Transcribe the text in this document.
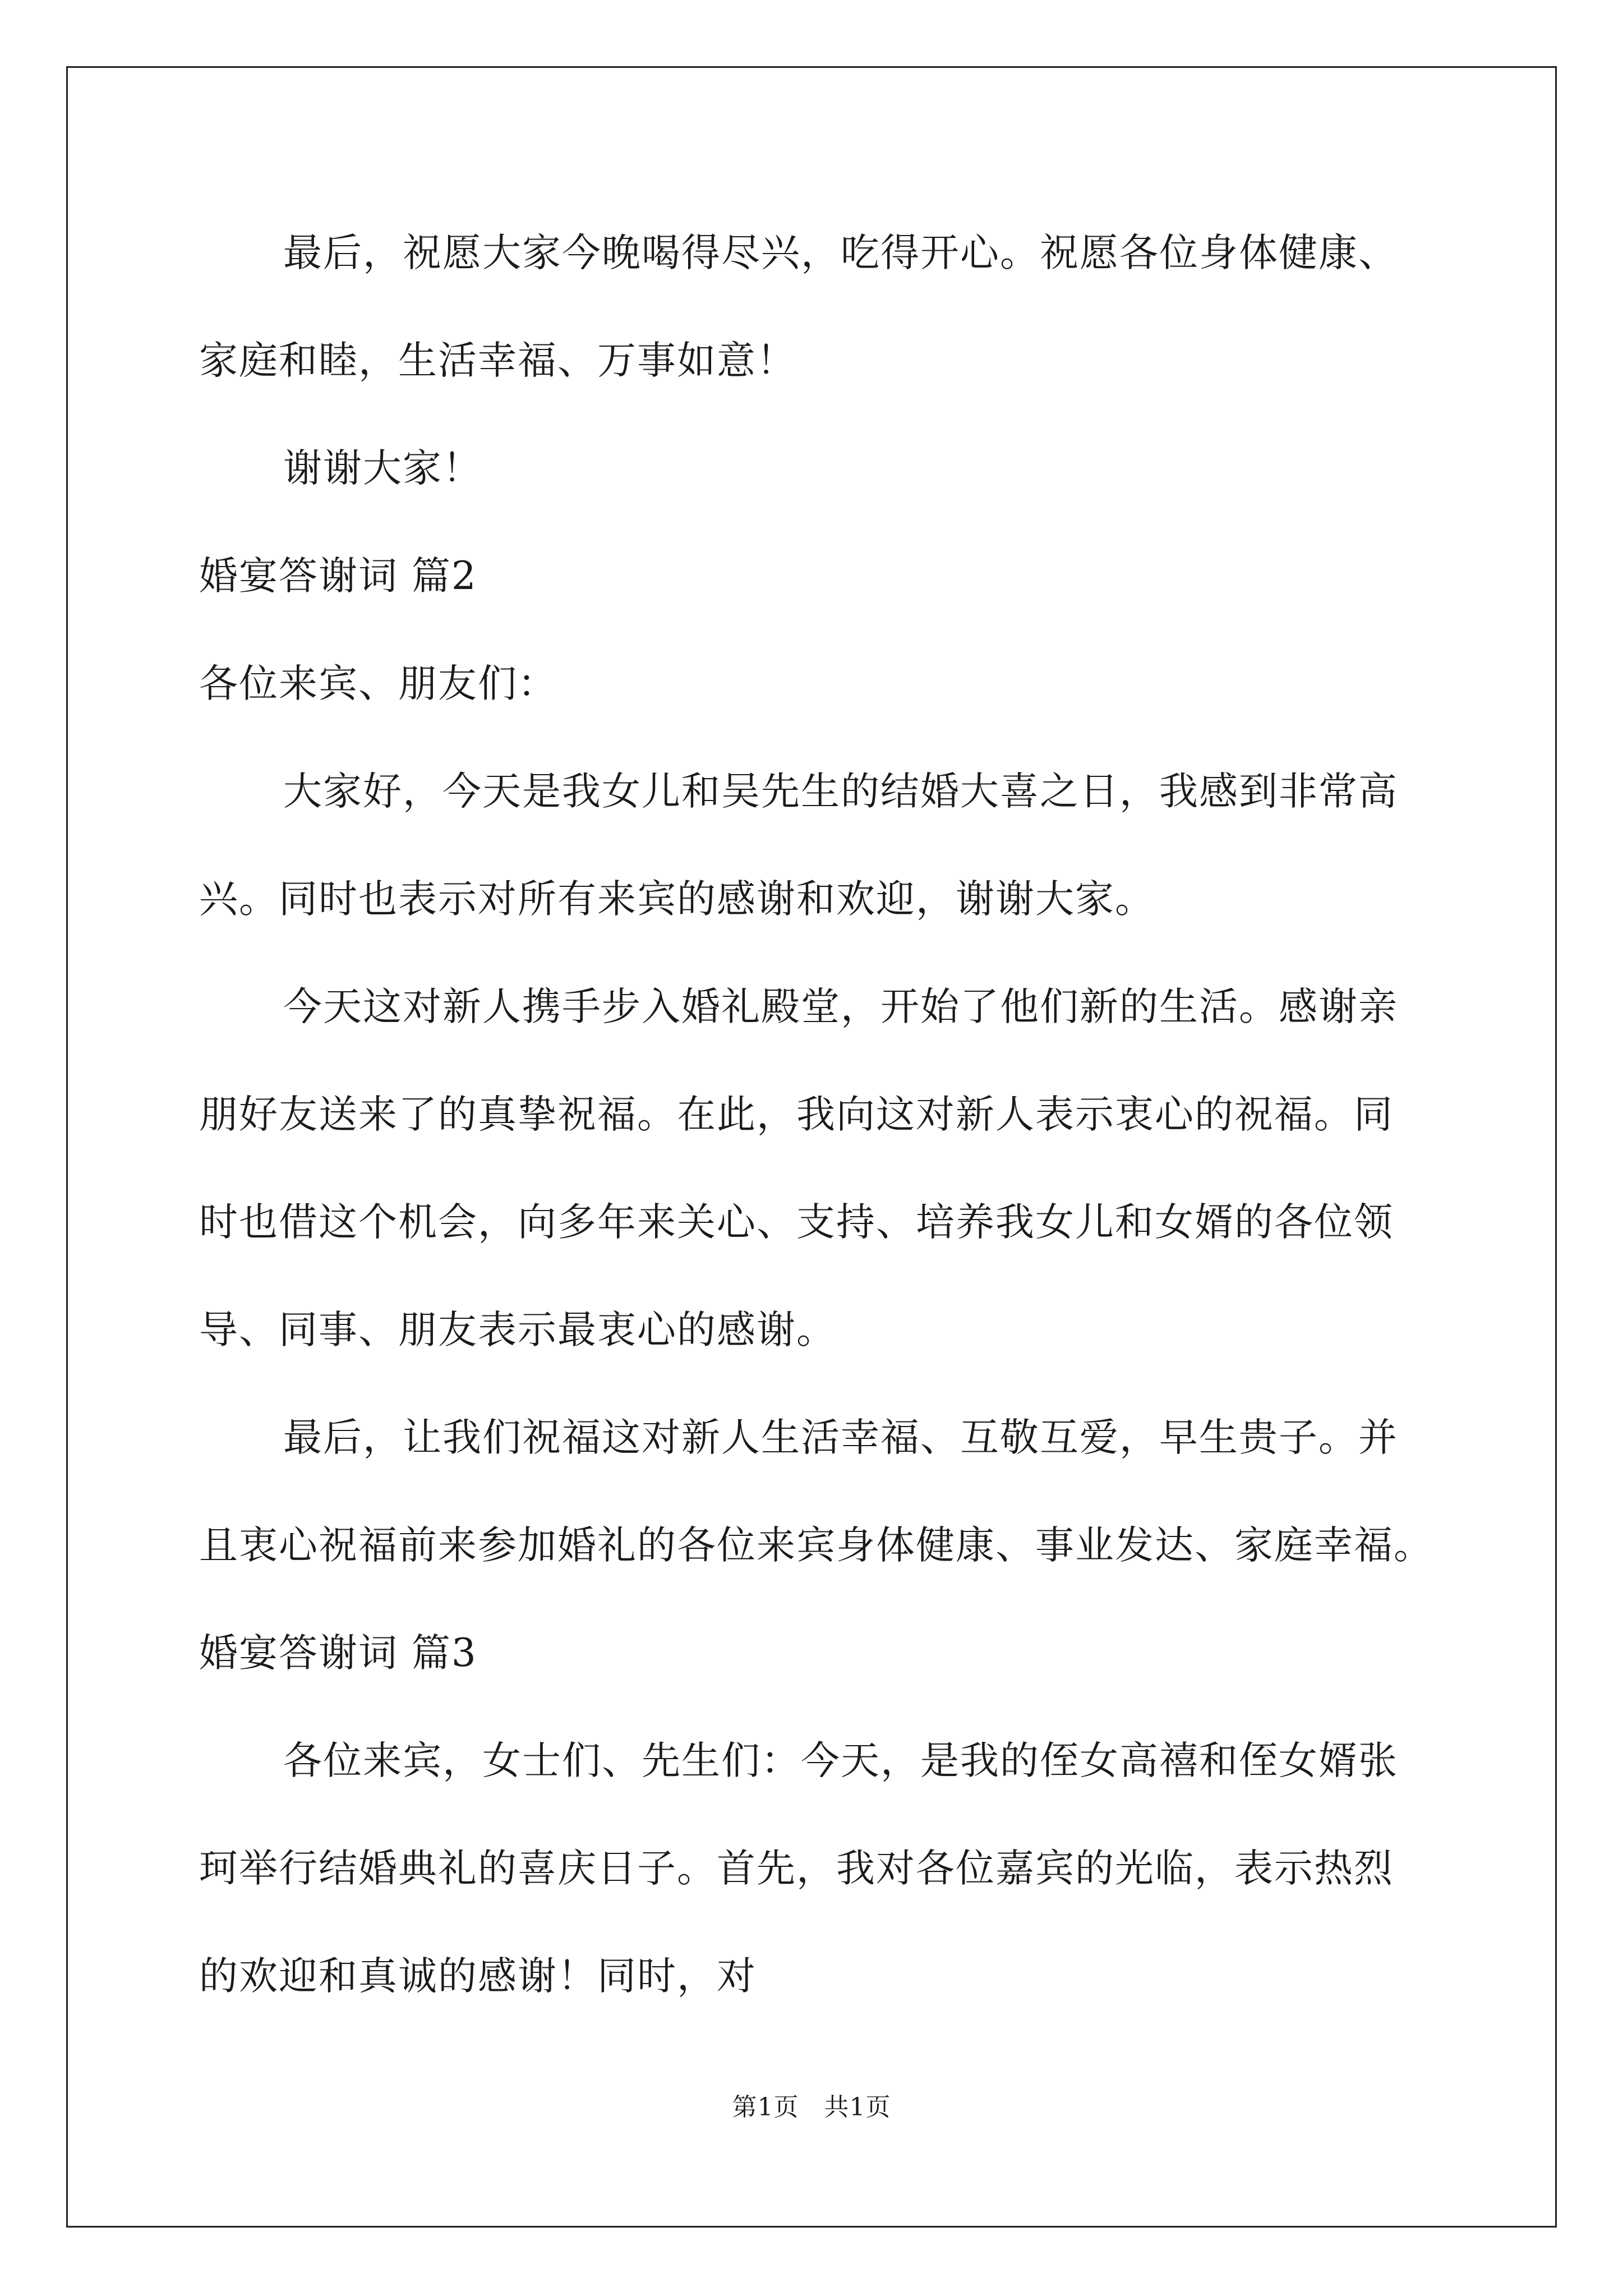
最后，祝愿大家今晚喝得尽兴，吃得开心。祝愿各位身体健康、
家庭和睦，生活幸福、万事如意！
谢谢大家！
婚宴答谢词 篇2
各位来宾、朋友们：
大家好，今天是我女儿和吴先生的结婚大喜之日，我感到非常高
兴。同时也表示对所有来宾的感谢和欢迎，谢谢大家。
今天这对新人携手步入婚礼殿堂，开始了他们新的生活。感谢亲
朋好友送来了的真挚祝福。在此，我向这对新人表示衷心的祝福。同
时也借这个机会，向多年来关心、支持、培养我女儿和女婿的各位领
导、同事、朋友表示最衷心的感谢。
最后，让我们祝福这对新人生活幸福、互敬互爱，早生贵子。并
且衷心祝福前来参加婚礼的各位来宾身体健康、事业发达、家庭幸福。
婚宴答谢词 篇3
各位来宾，女士们、先生们：今天，是我的侄女高禧和侄女婿张
珂举行结婚典礼的喜庆日子。首先，我对各位嘉宾的光临，表示热烈
的欢迎和真诚的感谢！同时，对
第1页　共1页
